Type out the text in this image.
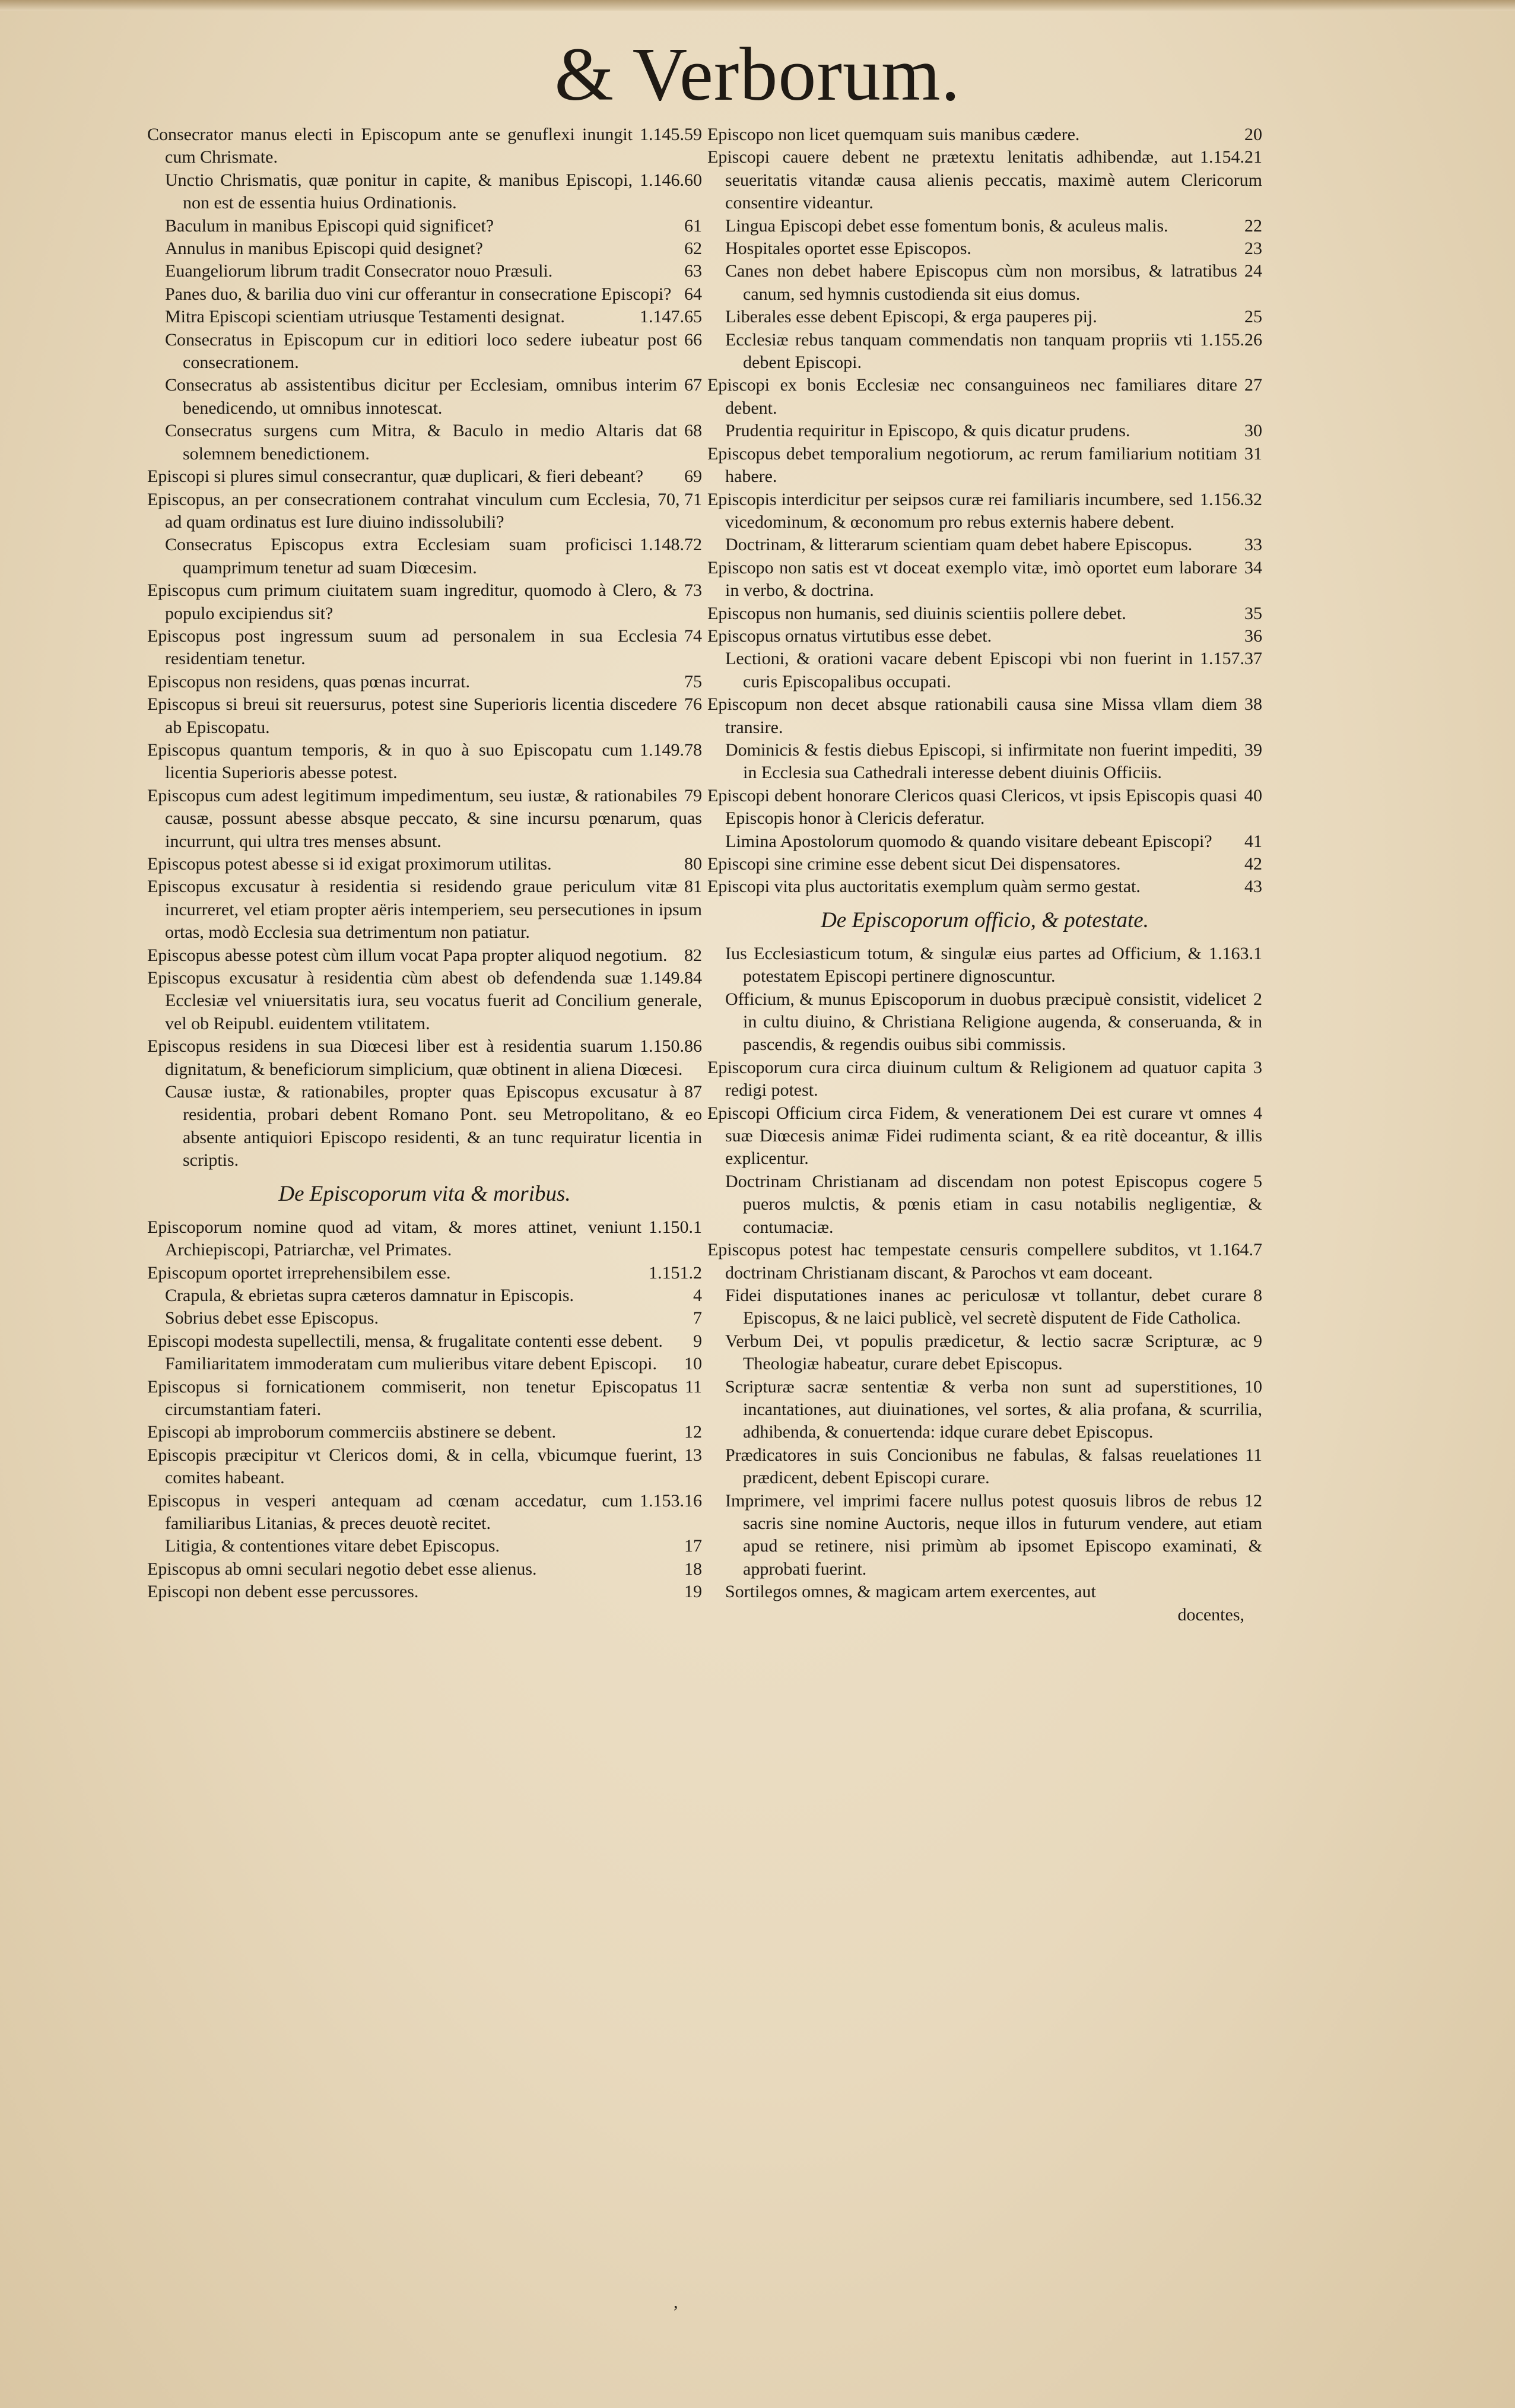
& Verborum.
1.145.59
Consecrator manus electi in Episcopum ante se genuflexi inungit cum Chrismate.
1.146.60
Unctio Chrismatis, quæ ponitur in capite, & manibus Episcopi, non est de essentia huius Ordinationis.
61
Baculum in manibus Episcopi quid significet?
62
Annulus in manibus Episcopi quid designet?
63
Euangeliorum librum tradit Consecrator nouo Præsuli.
64
Panes duo, & barilia duo vini cur offerantur in consecratione Episcopi?
1.147.65
Mitra Episcopi scientiam utriusque Testamenti designat.
66
Consecratus in Episcopum cur in editiori loco sedere iubeatur post consecrationem.
67
Consecratus ab assistentibus dicitur per Ecclesiam, omnibus interim benedicendo, ut omnibus innotescat.
68
Consecratus surgens cum Mitra, & Baculo in medio Altaris dat solemnem benedictionem.
69
Episcopi si plures simul consecrantur, quæ duplicari, & fieri debeant?
70, 71
Episcopus, an per consecrationem contrahat vinculum cum Ecclesia, ad quam ordinatus est Iure diuino indissolubili?
1.148.72
Consecratus Episcopus extra Ecclesiam suam proficisci quamprimum tenetur ad suam Diœcesim.
73
Episcopus cum primum ciuitatem suam ingreditur, quomodo à Clero, & populo excipiendus sit?
74
Episcopus post ingressum suum ad personalem in sua Ecclesia residentiam tenetur.
75
Episcopus non residens, quas pœnas incurrat.
76
Episcopus si breui sit reuersurus, potest sine Superioris licentia discedere ab Episcopatu.
1.149.78
Episcopus quantum temporis, & in quo à suo Episcopatu cum licentia Superioris abesse potest.
79
Episcopus cum adest legitimum impedimentum, seu iustæ, & rationabiles causæ, possunt abesse absque peccato, & sine incursu pœnarum, quas incurrunt, qui ultra tres menses absunt.
80
Episcopus potest abesse si id exigat proximorum utilitas.
81
Episcopus excusatur à residentia si residendo graue periculum vitæ incurreret, vel etiam propter aëris intemperiem, seu persecutiones in ipsum ortas, modò Ecclesia sua detrimentum non patiatur.
82
Episcopus abesse potest cùm illum vocat Papa propter aliquod negotium.
1.149.84
Episcopus excusatur à residentia cùm abest ob defendenda suæ Ecclesiæ vel vniuersitatis iura, seu vocatus fuerit ad Concilium generale, vel ob Reipubl. euidentem vtilitatem.
1.150.86
Episcopus residens in sua Diœcesi liber est à residentia suarum dignitatum, & beneficiorum simplicium, quæ obtinent in aliena Diœcesi.
87
Causæ iustæ, & rationabiles, propter quas Episcopus excusatur à residentia, probari debent Romano Pont. seu Metropolitano, & eo absente antiquiori Episcopo residenti, & an tunc requiratur licentia in scriptis.
De Episcoporum vita & moribus.
1.150.1
Episcoporum nomine quod ad vitam, & mores attinet, veniunt Archiepiscopi, Patriarchæ, vel Primates.
1.151.2
Episcopum oportet irreprehensibilem esse.
4
Crapula, & ebrietas supra cæteros damnatur in Episcopis.
7
Sobrius debet esse Episcopus.
9
Episcopi modesta supellectili, mensa, & frugalitate contenti esse debent.
10
Familiaritatem immoderatam cum mulieribus vitare debent Episcopi.
11
Episcopus si fornicationem commiserit, non tenetur Episcopatus circumstantiam fateri.
12
Episcopi ab improborum commerciis abstinere se debent.
13
Episcopis præcipitur vt Clericos domi, & in cella, vbicumque fuerint, comites habeant.
1.153.16
Episcopus in vesperi antequam ad cœnam accedatur, cum familiaribus Litanias, & preces deuotè recitet.
17
Litigia, & contentiones vitare debet Episcopus.
18
Episcopus ab omni seculari negotio debet esse alienus.
19
Episcopi non debent esse percussores.
20
Episcopo non licet quemquam suis manibus cædere.
1.154.21
Episcopi cauere debent ne prætextu lenitatis adhibendæ, aut seueritatis vitandæ causa alienis peccatis, maximè autem Clericorum consentire videantur.
22
Lingua Episcopi debet esse fomentum bonis, & aculeus malis.
23
Hospitales oportet esse Episcopos.
24
Canes non debet habere Episcopus cùm non morsibus, & latratibus canum, sed hymnis custodienda sit eius domus.
25
Liberales esse debent Episcopi, & erga pauperes pij.
1.155.26
Ecclesiæ rebus tanquam commendatis non tanquam propriis vti debent Episcopi.
27
Episcopi ex bonis Ecclesiæ nec consanguineos nec familiares ditare debent.
30
Prudentia requiritur in Episcopo, & quis dicatur prudens.
31
Episcopus debet temporalium negotiorum, ac rerum familiarium notitiam habere.
1.156.32
Episcopis interdicitur per seipsos curæ rei familiaris incumbere, sed vicedominum, & œconomum pro rebus externis habere debent.
33
Doctrinam, & litterarum scientiam quam debet habere Episcopus.
34
Episcopo non satis est vt doceat exemplo vitæ, imò oportet eum laborare in verbo, & doctrina.
35
Episcopus non humanis, sed diuinis scientiis pollere debet.
36
Episcopus ornatus virtutibus esse debet.
1.157.37
Lectioni, & orationi vacare debent Episcopi vbi non fuerint in curis Episcopalibus occupati.
38
Episcopum non decet absque rationabili causa sine Missa vllam diem transire.
39
Dominicis & festis diebus Episcopi, si infirmitate non fuerint impediti, in Ecclesia sua Cathedrali interesse debent diuinis Officiis.
40
Episcopi debent honorare Clericos quasi Clericos, vt ipsis Episcopis quasi Episcopis honor à Clericis deferatur.
41
Limina Apostolorum quomodo & quando visitare debeant Episcopi?
42
Episcopi sine crimine esse debent sicut Dei dispensatores.
43
Episcopi vita plus auctoritatis exemplum quàm sermo gestat.
De Episcoporum officio, & potestate.
1.163.1
Ius Ecclesiasticum totum, & singulæ eius partes ad Officium, & potestatem Episcopi pertinere dignoscuntur.
2
Officium, & munus Episcoporum in duobus præcipuè consistit, videlicet in cultu diuino, & Christiana Religione augenda, & conseruanda, & in pascendis, & regendis ouibus sibi commissis.
3
Episcoporum cura circa diuinum cultum & Religionem ad quatuor capita redigi potest.
4
Episcopi Officium circa Fidem, & venerationem Dei est curare vt omnes suæ Diœcesis animæ Fidei rudimenta sciant, & ea ritè doceantur, & illis explicentur.
5
Doctrinam Christianam ad discendam non potest Episcopus cogere pueros mulctis, & pœnis etiam in casu notabilis negligentiæ, & contumaciæ.
1.164.7
Episcopus potest hac tempestate censuris compellere subditos, vt doctrinam Christianam discant, & Parochos vt eam doceant.
8
Fidei disputationes inanes ac periculosæ vt tollantur, debet curare Episcopus, & ne laici publicè, vel secretè disputent de Fide Catholica.
9
Verbum Dei, vt populis prædicetur, & lectio sacræ Scripturæ, ac Theologiæ habeatur, curare debet Episcopus.
10
Scripturæ sacræ sententiæ & verba non sunt ad superstitiones, incantationes, aut diuinationes, vel sortes, & alia profana, & scurrilia, adhibenda, & conuertenda: idque curare debet Episcopus.
11
Prædicatores in suis Concionibus ne fabulas, & falsas reuelationes prædicent, debent Episcopi curare.
12
Imprimere, vel imprimi facere nullus potest quosuis libros de rebus sacris sine nomine Auctoris, neque illos in futurum vendere, aut etiam apud se retinere, nisi primùm ab ipsomet Episcopo examinati, & approbati fuerint.
Sortilegos omnes, & magicam artem exercentes, aut
docentes,
,
